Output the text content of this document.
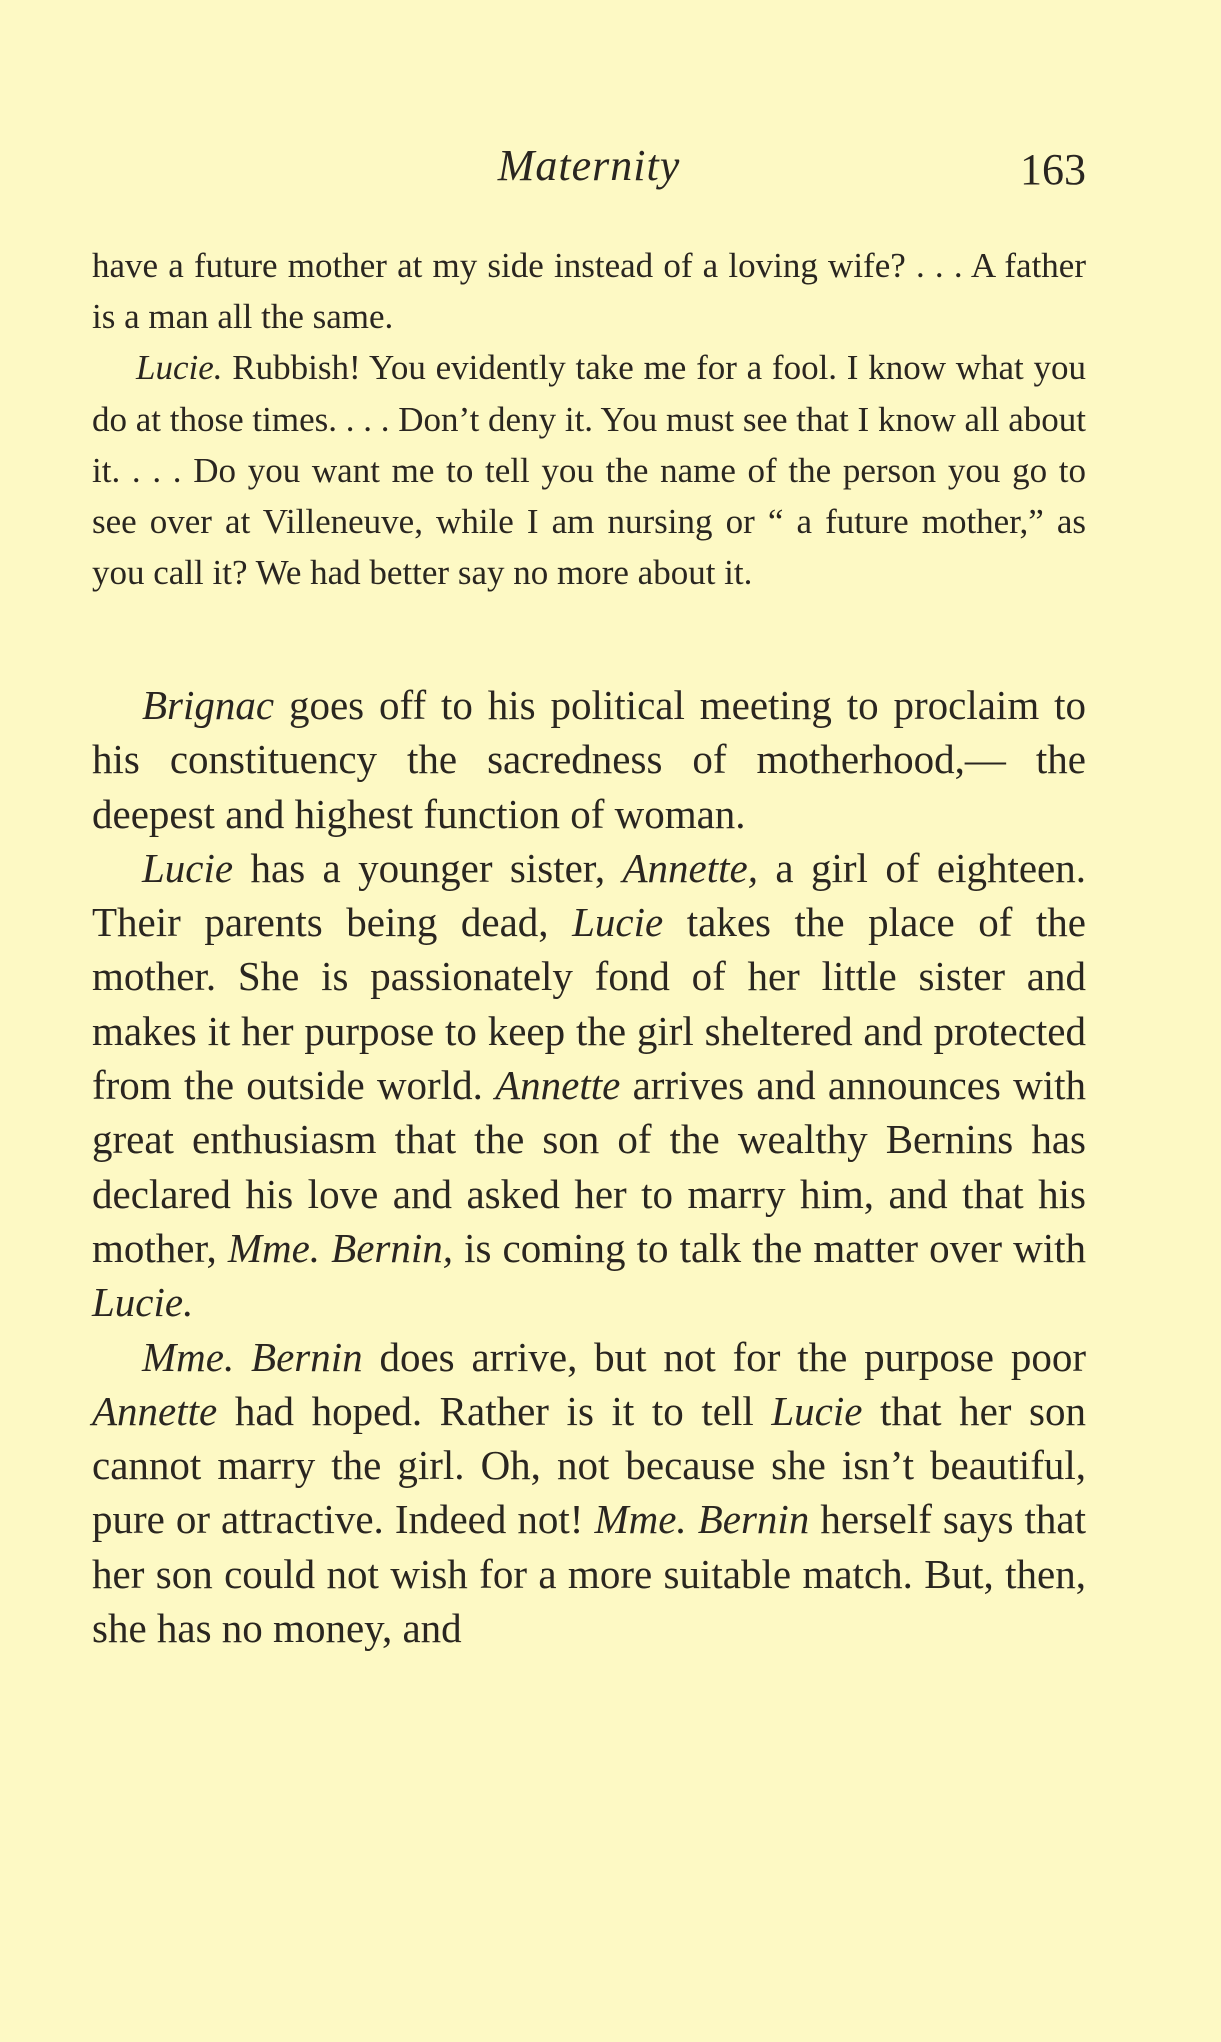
Maternity	163

have a future mother at my side instead of a loving wife? . . . A father is a man all the same.

Lucie. Rubbish! You evidently take me for a fool. I know what you do at those times. . . . Don’t deny it. You must see that I know all about it. . . . Do you want me to tell you the name of the person you go to see over at Villeneuve, while I am nursing or “ a future mother,” as you call it? We had better say no more about it.

Brignac goes off to his political meeting to proclaim to his constituency the sacredness of motherhood,— the deepest and highest function of woman.

Lucie has a younger sister, Annette, a girl of eighteen. Their parents being dead, Lucie takes the place of the mother. She is passionately fond of her little sister and makes it her purpose to keep the girl sheltered and protected from the outside world. Annette arrives and announces with great enthusiasm that the son of the wealthy Bernins has declared his love and asked her to marry him, and that his mother, Mme. Bernin, is coming to talk the matter over with Lucie.

Mme. Bernin does arrive, but not for the purpose poor Annette had hoped. Rather is it to tell Lucie that her son cannot marry the girl. Oh, not because she isn’t beautiful, pure or attractive. Indeed not! Mme. Bernin herself says that her son could not wish for a more suitable match. But, then, she has no money, and
